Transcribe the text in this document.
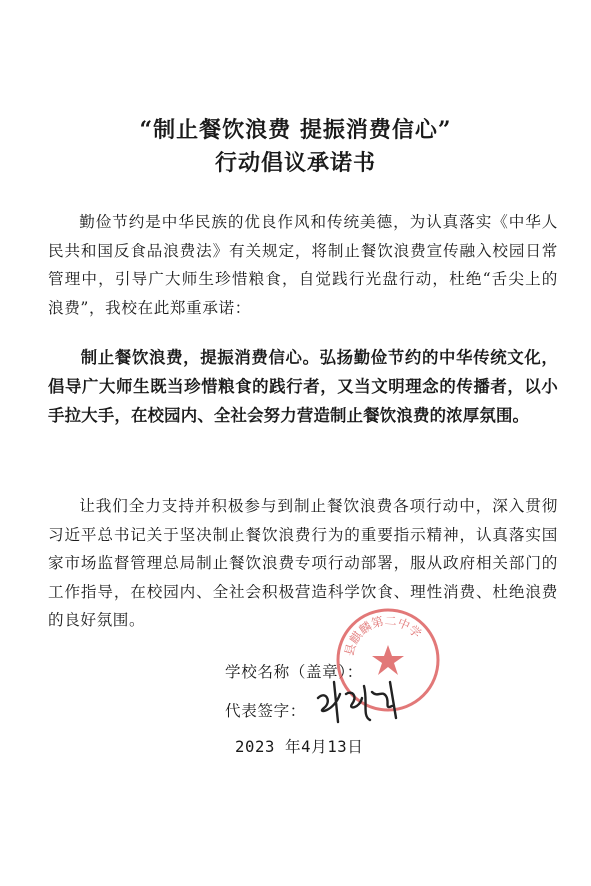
“制止餐饮浪费 提振消费信心”
行动倡议承诺书
勤俭节约是中华民族的优良作风和传统美德，为认真落实《中华人民共和国反食品浪费法》有关规定，将制止餐饮浪费宣传融入校园日常管理中，引导广大师生珍惜粮食，自觉践行光盘行动，杜绝“舌尖上的浪费”，我校在此郑重承诺：
制止餐饮浪费，提振消费信心。弘扬勤俭节约的中华传统文化，倡导广大师生既当珍惜粮食的践行者，又当文明理念的传播者，以小手拉大手，在校园内、全社会努力营造制止餐饮浪费的浓厚氛围。
让我们全力支持并积极参与到制止餐饮浪费各项行动中，深入贯彻习近平总书记关于坚决制止餐饮浪费行为的重要指示精神，认真落实国家市场监督管理总局制止餐饮浪费专项行动部署，服从政府相关部门的工作指导，在校园内、全社会积极营造科学饮食、理性消费、杜绝浪费的良好氛围。
学校名称（盖章）：
代表签字：
2023 年4月13日
县麒麟第二中学
